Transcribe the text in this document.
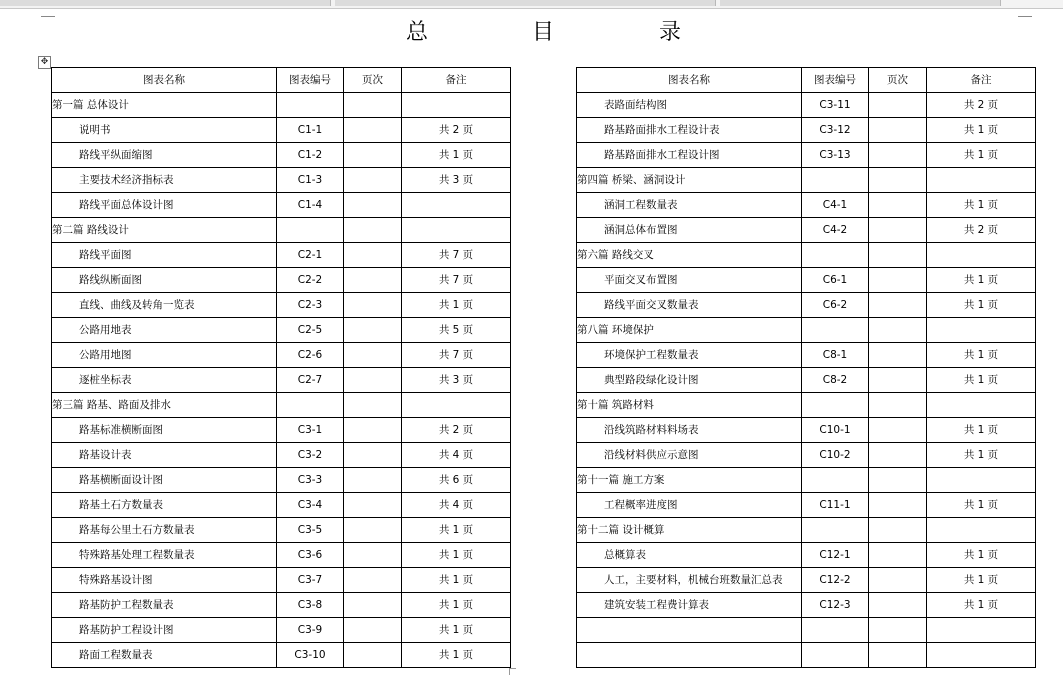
总	目	录
✥
图表名称	图表编号	页次	备注
第一篇 总体设计			
说明书	C1-1		共 2 页
路线平纵面缩图	C1-2		共 1 页
主要技术经济指标表	C1-3		共 3 页
路线平面总体设计图	C1-4		
第二篇 路线设计			
路线平面图	C2-1		共 7 页
路线纵断面图	C2-2		共 7 页
直线、曲线及转角一览表	C2-3		共 1 页
公路用地表	C2-5		共 5 页
公路用地图	C2-6		共 7 页
逐桩坐标表	C2-7		共 3 页
第三篇 路基、路面及排水			
路基标准横断面图	C3-1		共 2 页
路基设计表	C3-2		共 4 页
路基横断面设计图	C3-3		共 6 页
路基土石方数量表	C3-4		共 4 页
路基每公里土石方数量表	C3-5		共 1 页
特殊路基处理工程数量表	C3-6		共 1 页
特殊路基设计图	C3-7		共 1 页
路基防护工程数量表	C3-8		共 1 页
路基防护工程设计图	C3-9		共 1 页
路面工程数量表	C3-10		共 1 页
图表名称	图表编号	页次	备注
表路面结构图	C3-11		共 2 页
路基路面排水工程设计表	C3-12		共 1 页
路基路面排水工程设计图	C3-13		共 1 页
第四篇 桥梁、涵洞设计			
涵洞工程数量表	C4-1		共 1 页
涵洞总体布置图	C4-2		共 2 页
第六篇 路线交叉			
平面交叉布置图	C6-1		共 1 页
路线平面交叉数量表	C6-2		共 1 页
第八篇 环境保护			
环境保护工程数量表	C8-1		共 1 页
典型路段绿化设计图	C8-2		共 1 页
第十篇 筑路材料			
沿线筑路材料料场表	C10-1		共 1 页
沿线材料供应示意图	C10-2		共 1 页
第十一篇 施工方案			
工程概率进度图	C11-1		共 1 页
第十二篇 设计概算			
总概算表	C12-1		共 1 页
人工，主要材料，机械台班数量汇总表	C12-2		共 1 页
建筑安装工程费计算表	C12-3		共 1 页
